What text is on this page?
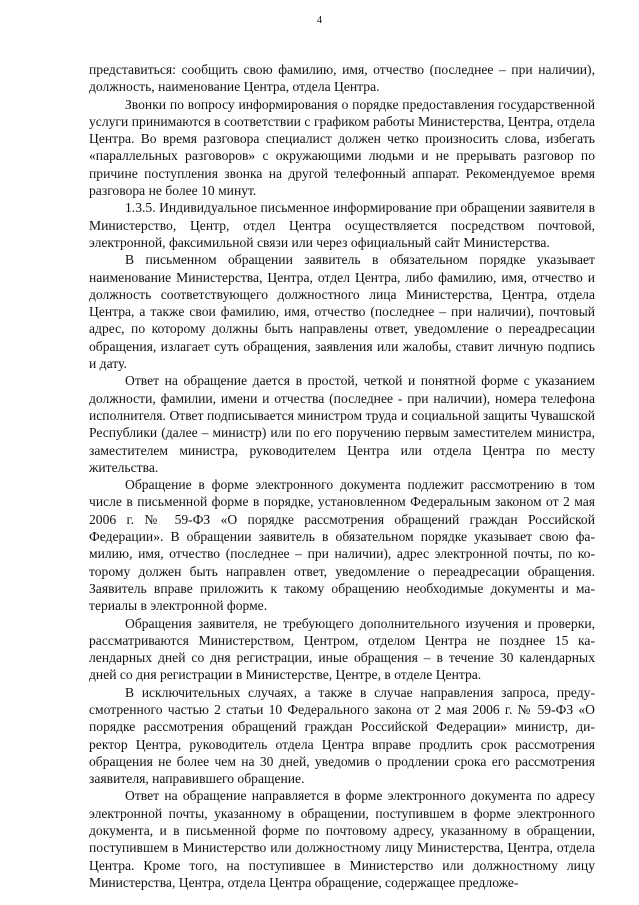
4

представиться: сообщить свою фамилию, имя, отчество (последнее – при наличии), должность, наименование Центра, отдела Центра.

Звонки по вопросу информирования о порядке предоставления государственной услуги принимаются в соответствии с графиком работы Министерства, Центра, отдела Центра. Во время разговора специалист должен четко произносить слова, избегать «параллельных разговоров» с окружающими людьми и не прерывать разговор по причине поступления звонка на другой телефонный аппарат. Рекомендуемое время разговора не более 10 минут.

1.3.5. Индивидуальное письменное информирование при обращении заявителя в Министерство, Центр, отдел Центра осуществляется посредством почтовой, электронной, факсимильной связи или через официальный сайт Министерства.

В письменном обращении заявитель в обязательном порядке указывает наименование Министерства, Центра, отдел Центра, либо фамилию, имя, отчество и должность соответствующего должностного лица Министерства, Центра, отдела Центра, а также свои фамилию, имя, отчество (последнее – при наличии), почтовый адрес, по которому должны быть направлены ответ, уведомление о переадресации обращения, излагает суть обращения, заявления или жалобы, ставит личную подпись и дату.

Ответ на обращение дается в простой, четкой и понятной форме с указанием должности, фамилии, имени и отчества (последнее - при наличии), номера телефона исполнителя. Ответ подписывается министром труда и социальной защиты Чувашской Республики (далее – министр) или по его поручению первым заместителем министра, заместителем министра, руководителем Центра или отдела Центра по месту жительства.

Обращение в форме электронного документа подлежит рассмотрению в том числе в письменной форме в порядке, установленном Федеральным законом от 2 мая 2006 г. № 59-ФЗ «О порядке рассмотрения обращений граждан Российской Федерации». В обращении заявитель в обязательном порядке указывает свою фамилию, имя, отчество (последнее – при наличии), адрес электронной почты, по которому должен быть направлен ответ, уведомление о переадресации обращения. Заявитель вправе приложить к такому обращению необходимые документы и материалы в электронной форме.

Обращения заявителя, не требующего дополнительного изучения и проверки, рассматриваются Министерством, Центром, отделом Центра не позднее 15 календарных дней со дня регистрации, иные обращения – в течение 30 календарных дней со дня регистрации в Министерстве, Центре, в отделе Центра.

В исключительных случаях, а также в случае направления запроса, предусмотренного частью 2 статьи 10 Федерального закона от 2 мая 2006 г. № 59-ФЗ «О порядке рассмотрения обращений граждан Российской Федерации» министр, директор Центра, руководитель отдела Центра вправе продлить срок рассмотрения обращения не более чем на 30 дней, уведомив о продлении срока его рассмотрения заявителя, направившего обращение.

Ответ на обращение направляется в форме электронного документа по адресу электронной почты, указанному в обращении, поступившем в форме электронного документа, и в письменной форме по почтовому адресу, указанному в обращении, поступившем в Министерство или должностному лицу Министерства, Центра, отдела Центра. Кроме того, на поступившее в Министерство или должностному лицу Министерства, Центра, отдела Центра обращение, содержащее предложе-
